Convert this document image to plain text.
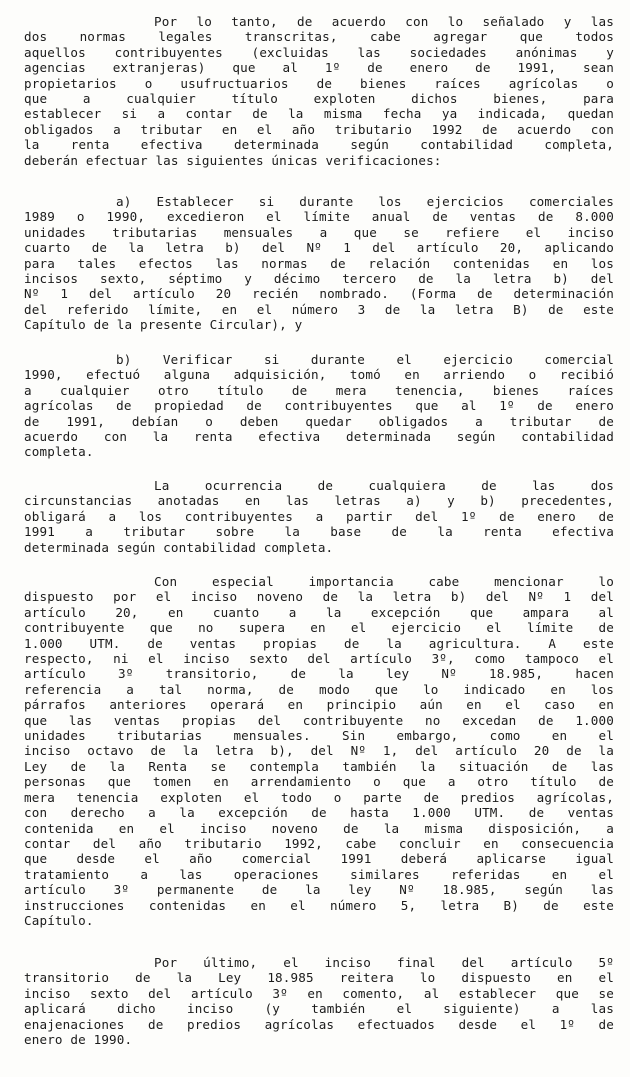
Por lo tanto, de acuerdo con lo señalado y las
dos normas legales transcritas, cabe agregar que todos
aquellos contribuyentes (excluidas las sociedades anónimas y
agencias extranjeras) que al 1º de enero de 1991, sean
propietarios o usufructuarios de bienes raíces agrícolas o
que a cualquier título exploten dichos bienes, para
establecer si a contar de la misma fecha ya indicada, quedan
obligados a tributar en el año tributario 1992 de acuerdo con
la renta efectiva determinada según contabilidad completa,
deberán efectuar las siguientes únicas verificaciones:
a) Establecer si durante los ejercicios comerciales
1989 o 1990, excedieron el límite anual de ventas de 8.000
unidades tributarias mensuales a que se refiere el inciso
cuarto de la letra b) del Nº 1 del artículo 20, aplicando
para tales efectos las normas de relación contenidas en los
incisos sexto, séptimo y décimo tercero de la letra b) del
Nº 1 del artículo 20 recién nombrado. (Forma de determinación
del referido límite, en el número 3 de la letra B) de este
Capítulo de la presente Circular), y
b) Verificar si durante el ejercicio comercial
1990, efectuó alguna adquisición, tomó en arriendo o recibió
a cualquier otro título de mera tenencia, bienes raíces
agrícolas de propiedad de contribuyentes que al 1º de enero
de 1991, debían o deben quedar obligados a tributar de
acuerdo con la renta efectiva determinada según contabilidad
completa.
La ocurrencia de cualquiera de las dos
circunstancias anotadas en las letras a) y b) precedentes,
obligará a los contribuyentes a partir del 1º de enero de
1991 a tributar sobre la base de la renta efectiva
determinada según contabilidad completa.
Con especial importancia cabe mencionar lo
dispuesto por el inciso noveno de la letra b) del Nº 1 del
artículo 20, en cuanto a la excepción que ampara al
contribuyente que no supera en el ejercicio el límite de
1.000 UTM. de ventas propias de la agricultura. A este
respecto, ni el inciso sexto del artículo 3º, como tampoco el
artículo 3º transitorio, de la ley Nº 18.985, hacen
referencia a tal norma, de modo que lo indicado en los
párrafos anteriores operará en principio aún en el caso en
que las ventas propias del contribuyente no excedan de 1.000
unidades tributarias mensuales. Sin embargo, como en el
inciso octavo de la letra b), del Nº 1, del artículo 20 de la
Ley de la Renta se contempla también la situación de las
personas que tomen en arrendamiento o que a otro título de
mera tenencia exploten el todo o parte de predios agrícolas,
con derecho a la excepción de hasta 1.000 UTM. de ventas
contenida en el inciso noveno de la misma disposición, a
contar del año tributario 1992, cabe concluir en consecuencia
que desde el año comercial 1991 deberá aplicarse igual
tratamiento a las operaciones similares referidas en el
artículo 3º permanente de la ley Nº 18.985, según las
instrucciones contenidas en el número 5, letra B) de este
Capítulo.
Por último, el inciso final del artículo 5º
transitorio de la Ley 18.985 reitera lo dispuesto en el
inciso sexto del artículo 3º en comento, al establecer que se
aplicará dicho inciso (y también el siguiente) a las
enajenaciones de predios agrícolas efectuados desde el 1º de
enero de 1990.
